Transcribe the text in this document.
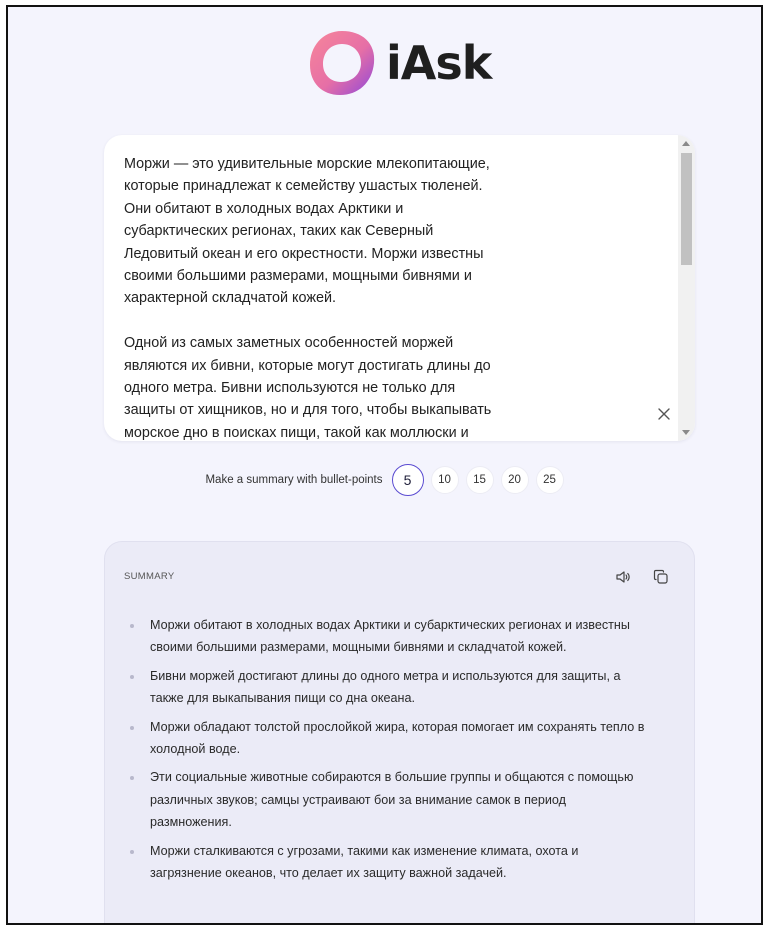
iAsk
Моржи — это удивительные морские млекопитающие,
которые принадлежат к семейству ушастых тюленей.
Они обитают в холодных водах Арктики и
субарктических регионах, таких как Северный
Ледовитый океан и его окрестности. Моржи известны
своими большими размерами, мощными бивнями и
характерной складчатой кожей.

Одной из самых заметных особенностей моржей
являются их бивни, которые могут достигать длины до
одного метра. Бивни используются не только для
защиты от хищников, но и для того, чтобы выкапывать
морское дно в поисках пищи, такой как моллюски и
Make a summary with bullet-points	5	10	15	20	25
SUMMARY
Моржи обитают в холодных водах Арктики и субарктических регионах и известны своими большими размерами, мощными бивнями и складчатой кожей.
Бивни моржей достигают длины до одного метра и используются для защиты, а также для выкапывания пищи со дна океана.
Моржи обладают толстой прослойкой жира, которая помогает им сохранять тепло в холодной воде.
Эти социальные животные собираются в большие группы и общаются с помощью различных звуков; самцы устраивают бои за внимание самок в период размножения.
Моржи сталкиваются с угрозами, такими как изменение климата, охота и загрязнение океанов, что делает их защиту важной задачей.
